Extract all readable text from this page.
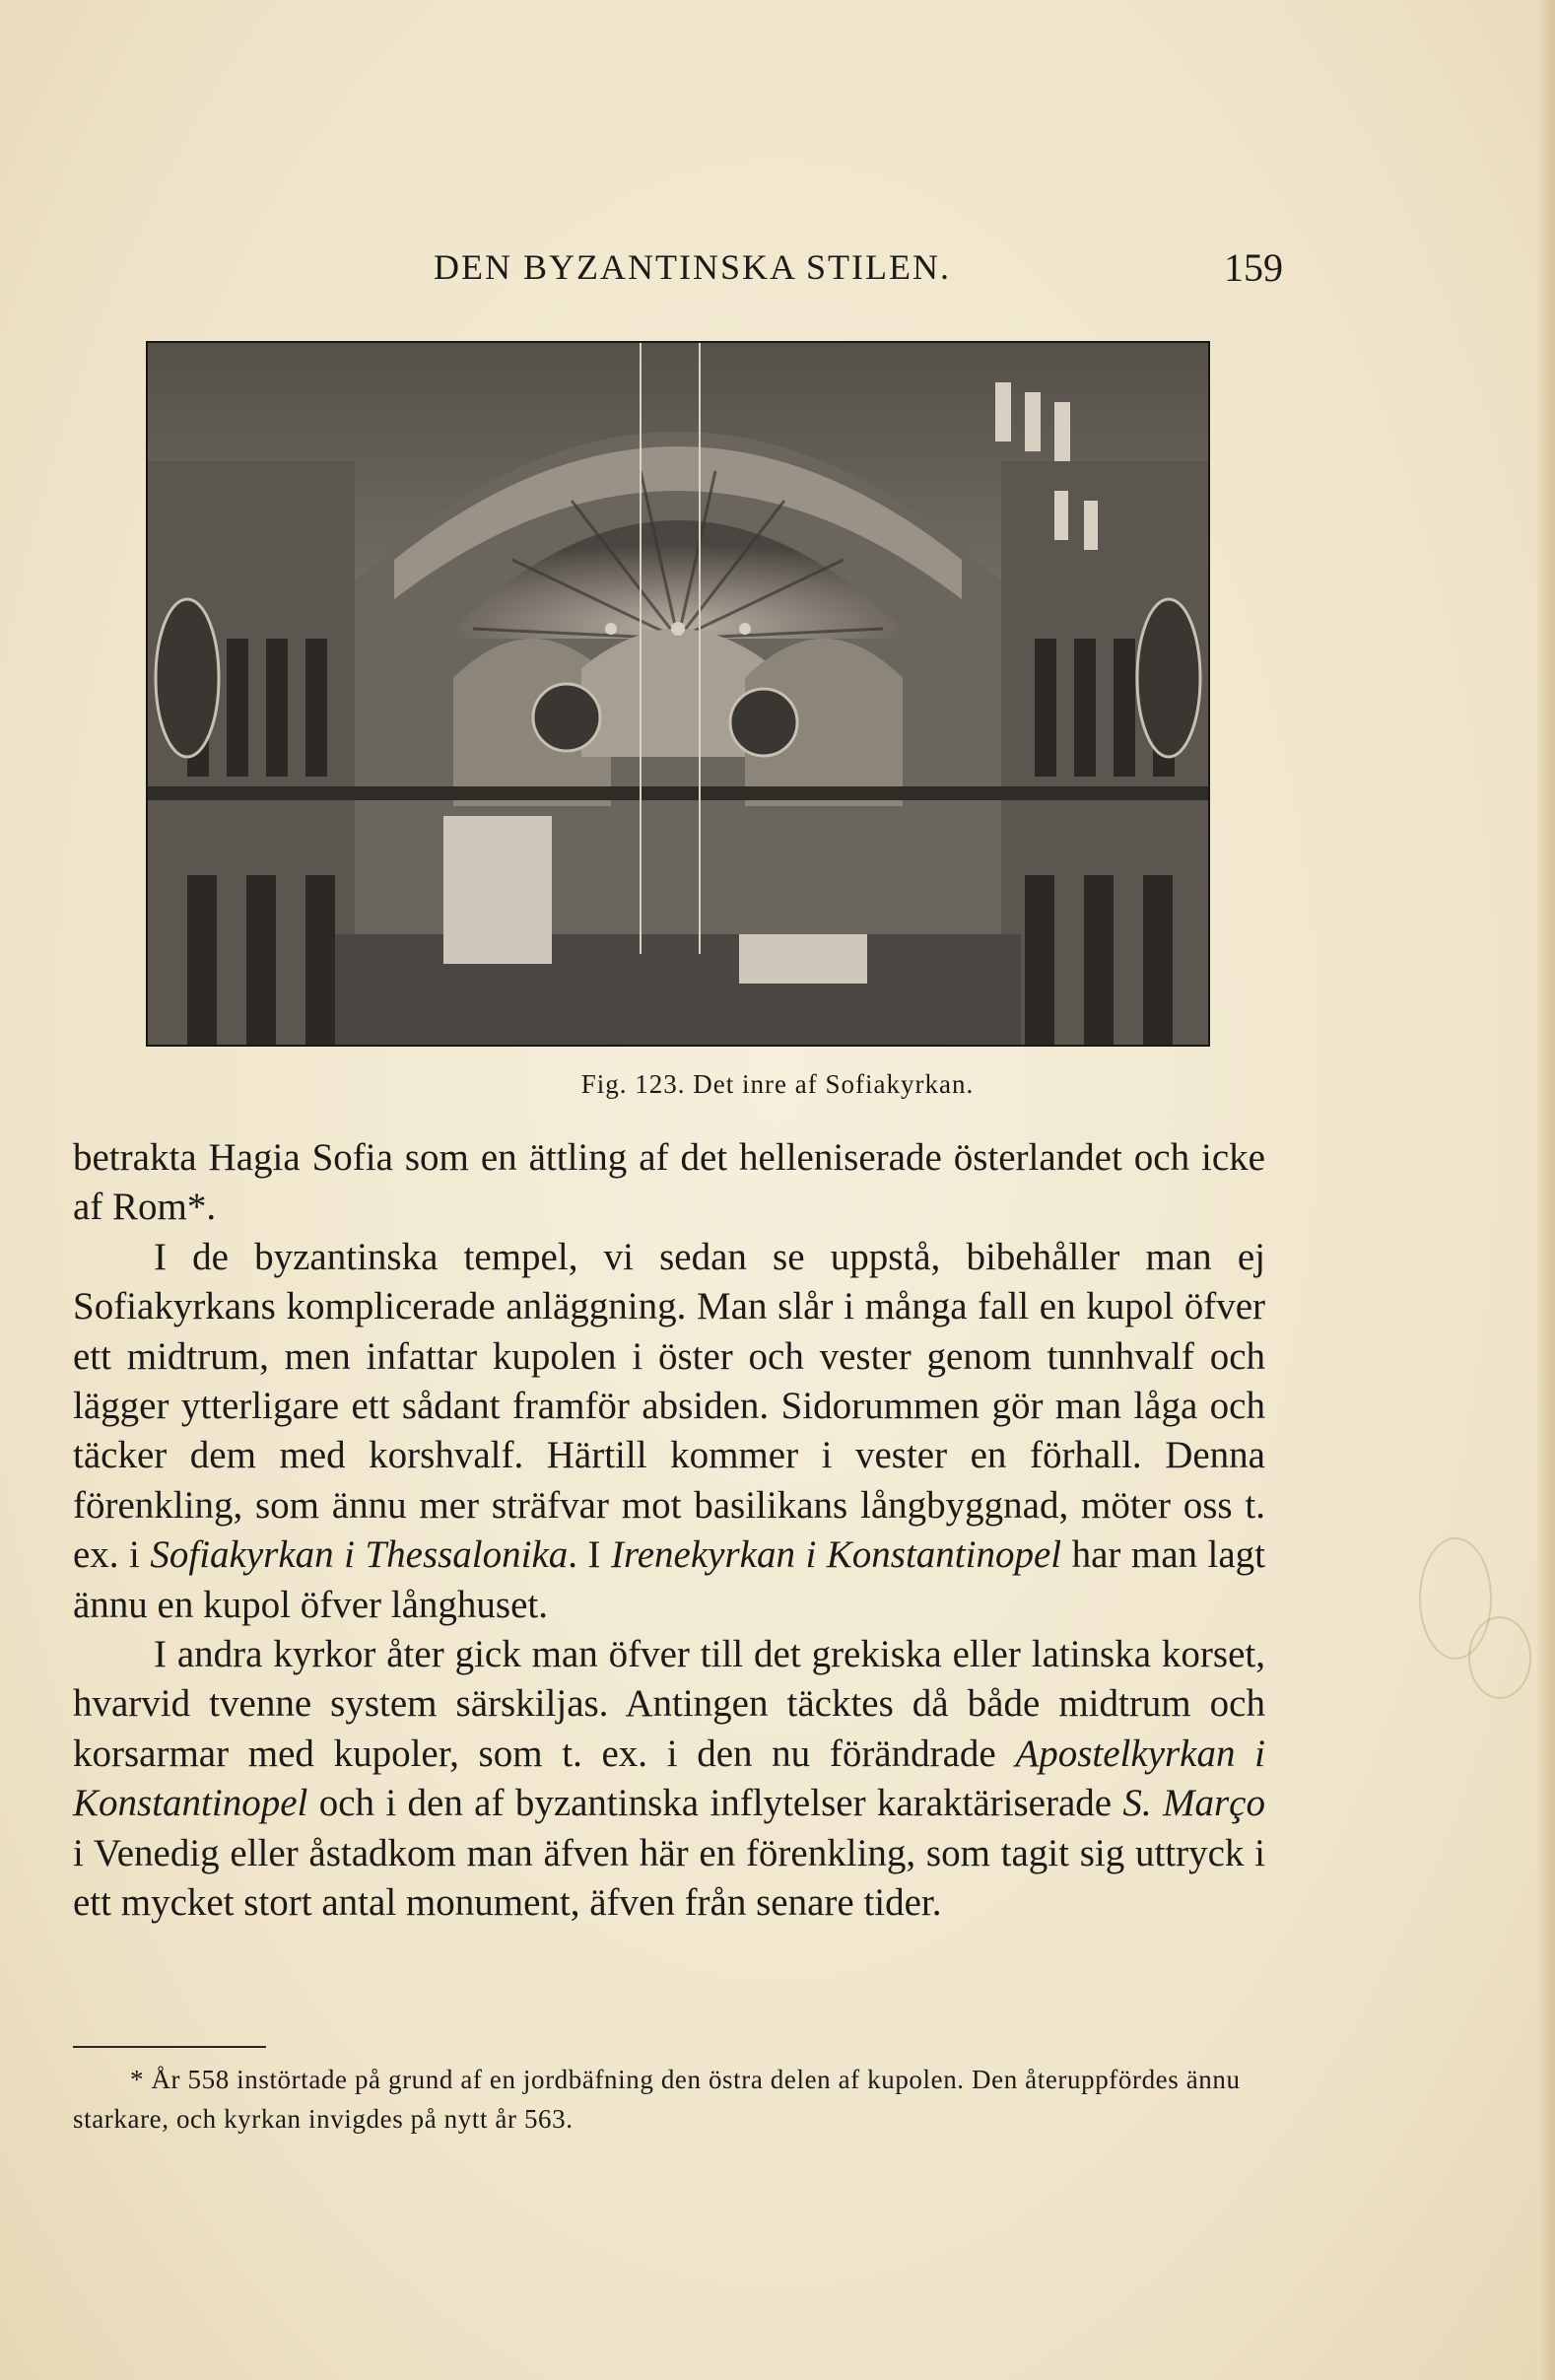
DEN BYZANTINSKA STILEN.	159
Fig. 123. Det inre af Sofiakyrkan.

betrakta Hagia Sofia som en ättling af det helleniserade österlandet och icke af Rom*.

I de byzantinska tempel, vi sedan se uppstå, bibehåller man ej Sofiakyrkans komplicerade anläggning. Man slår i många fall en kupol öfver ett midtrum, men infattar kupolen i öster och vester genom tunnhvalf och lägger ytterligare ett sådant framför absiden. Sidorummen gör man låga och täcker dem med korshvalf. Härtill kommer i vester en förhall. Denna förenkling, som ännu mer sträfvar mot basilikans långbyggnad, möter oss t. ex. i Sofiakyrkan i Thessalonika. I Irenekyrkan i Konstantinopel har man lagt ännu en kupol öfver långhuset.

I andra kyrkor åter gick man öfver till det grekiska eller latinska korset, hvarvid tvenne system särskiljas. Antingen täcktes då både midtrum och korsarmar med kupoler, som t. ex. i den nu förändrade Apostelkyrkan i Konstantinopel och i den af byzantinska inflytelser karaktäriserade S. Março i Venedig eller åstadkom man äfven här en förenkling, som tagit sig uttryck i ett mycket stort antal monument, äfven från senare tider.

* År 558 instörtade på grund af en jordbäfning den östra delen af kupolen. Den återuppfördes ännu starkare, och kyrkan invigdes på nytt år 563.
